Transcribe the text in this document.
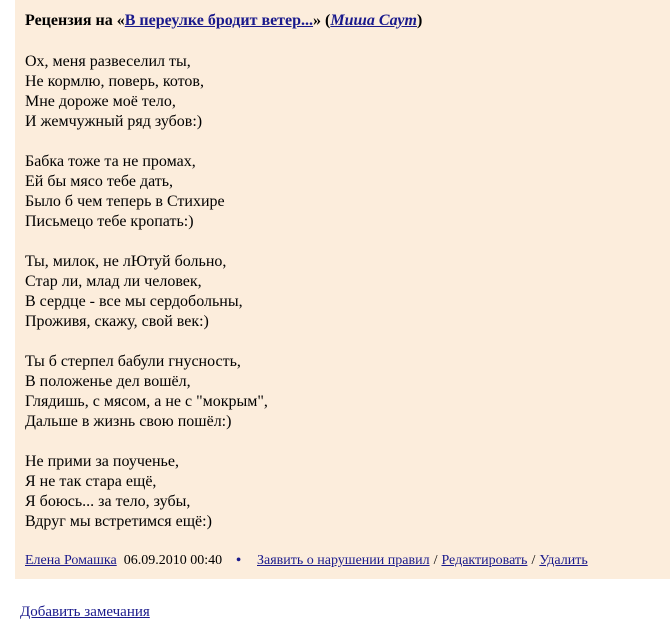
Рецензия на «В переулке бродит ветер...» (Миша Саут)
Ох, меня развеселил ты,
Не кормлю, поверь, котов,
Мне дороже моё тело,
И жемчужный ряд зубов:)
Бабка тоже та не промах,
Ей бы мясо тебе дать,
Было б чем теперь в Стихире
Письмецо тебе кропать:)
Ты, милок, не лЮтуй больно,
Стар ли, млад ли человек,
В сердце - все мы сердобольны,
Проживя, скажу, свой век:)
Ты б стерпел бабули гнусность,
В положенье дел вошёл,
Глядишь, с мясом, а не с "мокрым",
Дальше в жизнь свою пошёл:)
Не прими за поученье,
Я не так стара ещё,
Я боюсь... за тело, зубы,
Вдруг мы встретимся ещё:)
Елена Ромашка 06.09.2010 00:40 • Заявить о нарушении правил / Редактировать / Удалить
Добавить замечания
